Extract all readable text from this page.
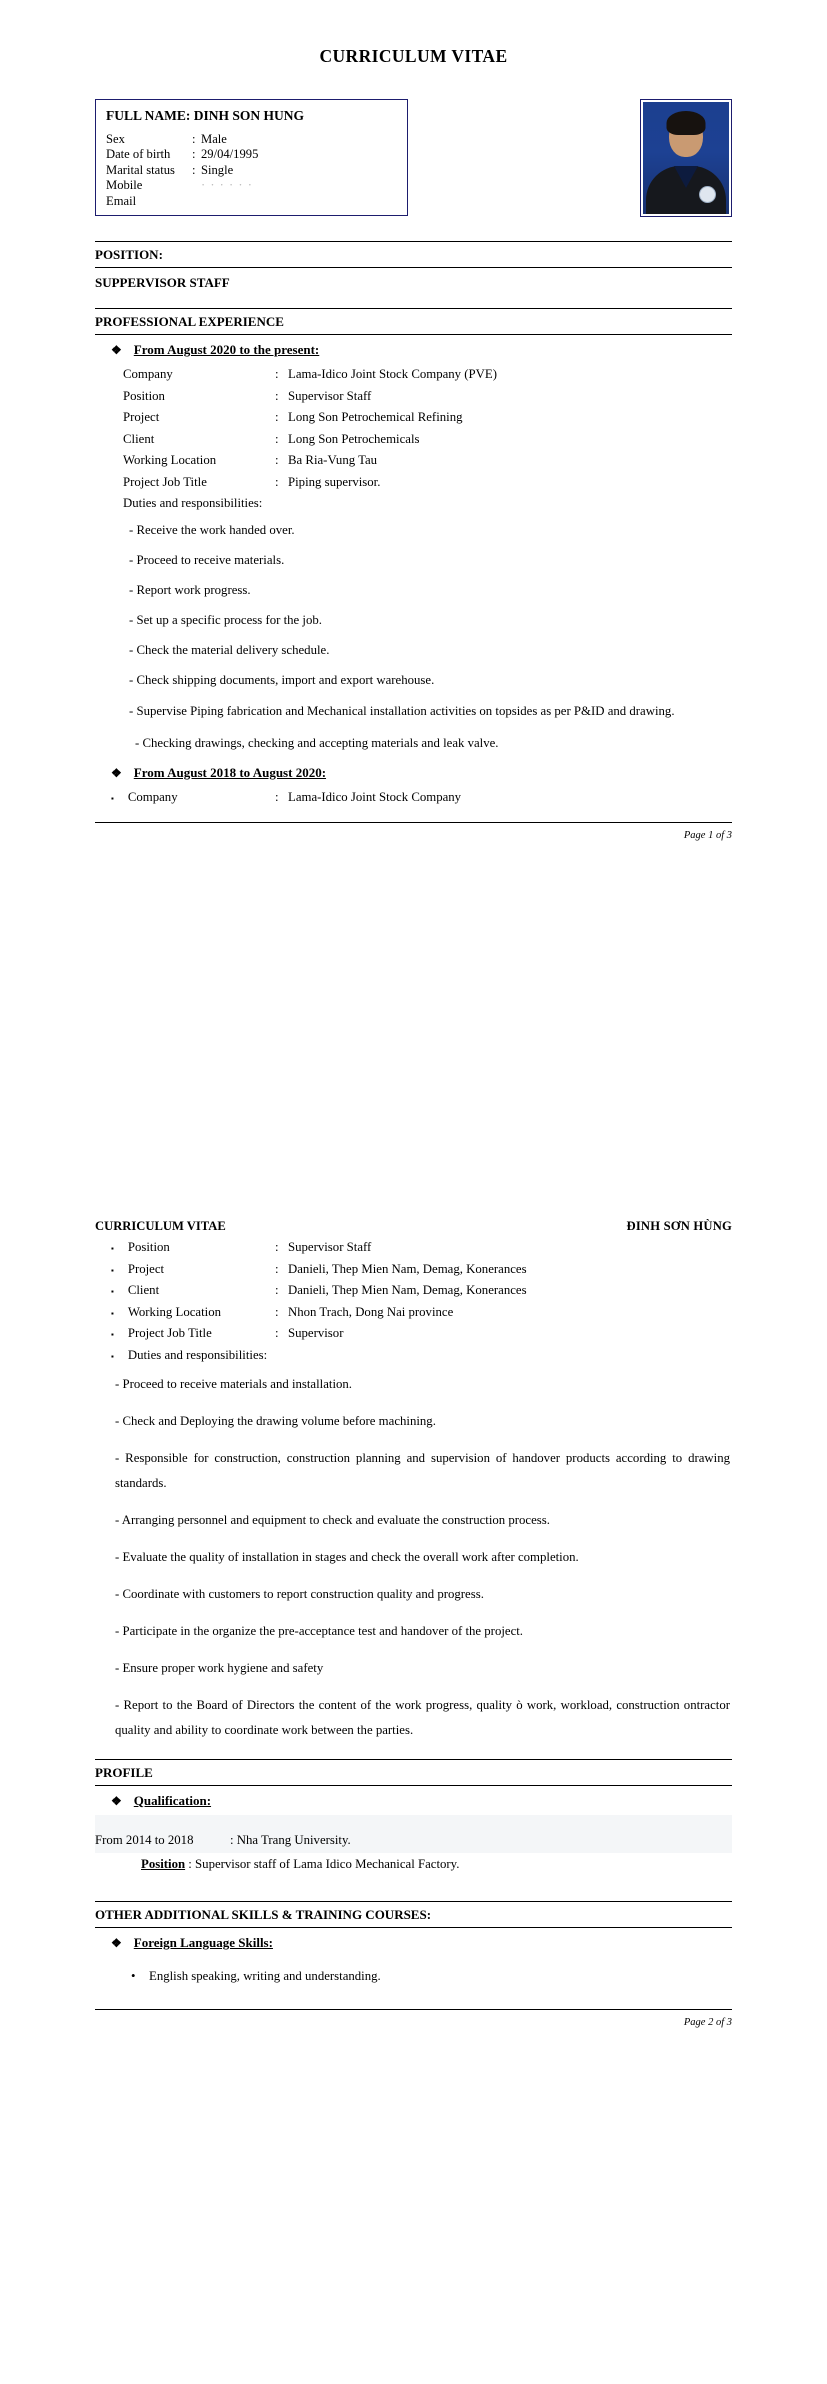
CURRICULUM VITAE
FULL NAME: DINH SON HUNG
Sex	: Male
Date of birth	: 29/04/1995
Marital status	: Single
Mobile	· · · · · ·
Email
POSITION:
SUPPERVISOR STAFF
PROFESSIONAL EXPERIENCE
❖ From August 2020 to the present:
Company	: Lama-Idico Joint Stock Company (PVE)
Position	: Supervisor Staff
Project	: Long Son Petrochemical Refining
Client	: Long Son Petrochemicals
Working Location	: Ba Ria-Vung Tau
Project Job Title	: Piping supervisor.
Duties and responsibilities:
- Receive the work handed over.
- Proceed to receive materials.
- Report work progress.
- Set up a specific process for the job.
- Check the material delivery schedule.
- Check shipping documents, import and export warehouse.
- Supervise Piping fabrication and Mechanical installation activities on topsides as per P&ID and drawing.
- Checking drawings, checking and accepting materials and leak valve.
❖ From August 2018 to August 2020:
▪ Company	: Lama-Idico Joint Stock Company
Page 1 of 3
CURRICULUM VITAE	ĐINH SƠN HÙNG
▪ Position	: Supervisor Staff
▪ Project	: Danieli, Thep Mien Nam, Demag, Konerances
▪ Client	: Danieli, Thep Mien Nam, Demag, Konerances
▪ Working Location	: Nhon Trach, Dong Nai province
▪ Project Job Title	: Supervisor
▪ Duties and responsibilities:
- Proceed to receive materials and installation.
- Check and Deploying the drawing volume before machining.
- Responsible for construction, construction planning and supervision of handover products according to drawing standards.
- Arranging personnel and equipment to check and evaluate the construction process.
- Evaluate the quality of installation in stages and check the overall work after completion.
- Coordinate with customers to report construction quality and progress.
- Participate in the organize the pre-acceptance test and handover of the project.
- Ensure proper work hygiene and safety
- Report to the Board of Directors the content of the work progress, quality ò work, workload, construction ontractor quality and ability to coordinate work between the parties.
PROFILE
❖ Qualification:
From 2014 to 2018	: Nha Trang University.
Position : Supervisor staff of Lama Idico Mechanical Factory.
OTHER ADDITIONAL SKILLS & TRAINING COURSES:
❖ Foreign Language Skills:
• English speaking, writing and understanding.
Page 2 of 3
